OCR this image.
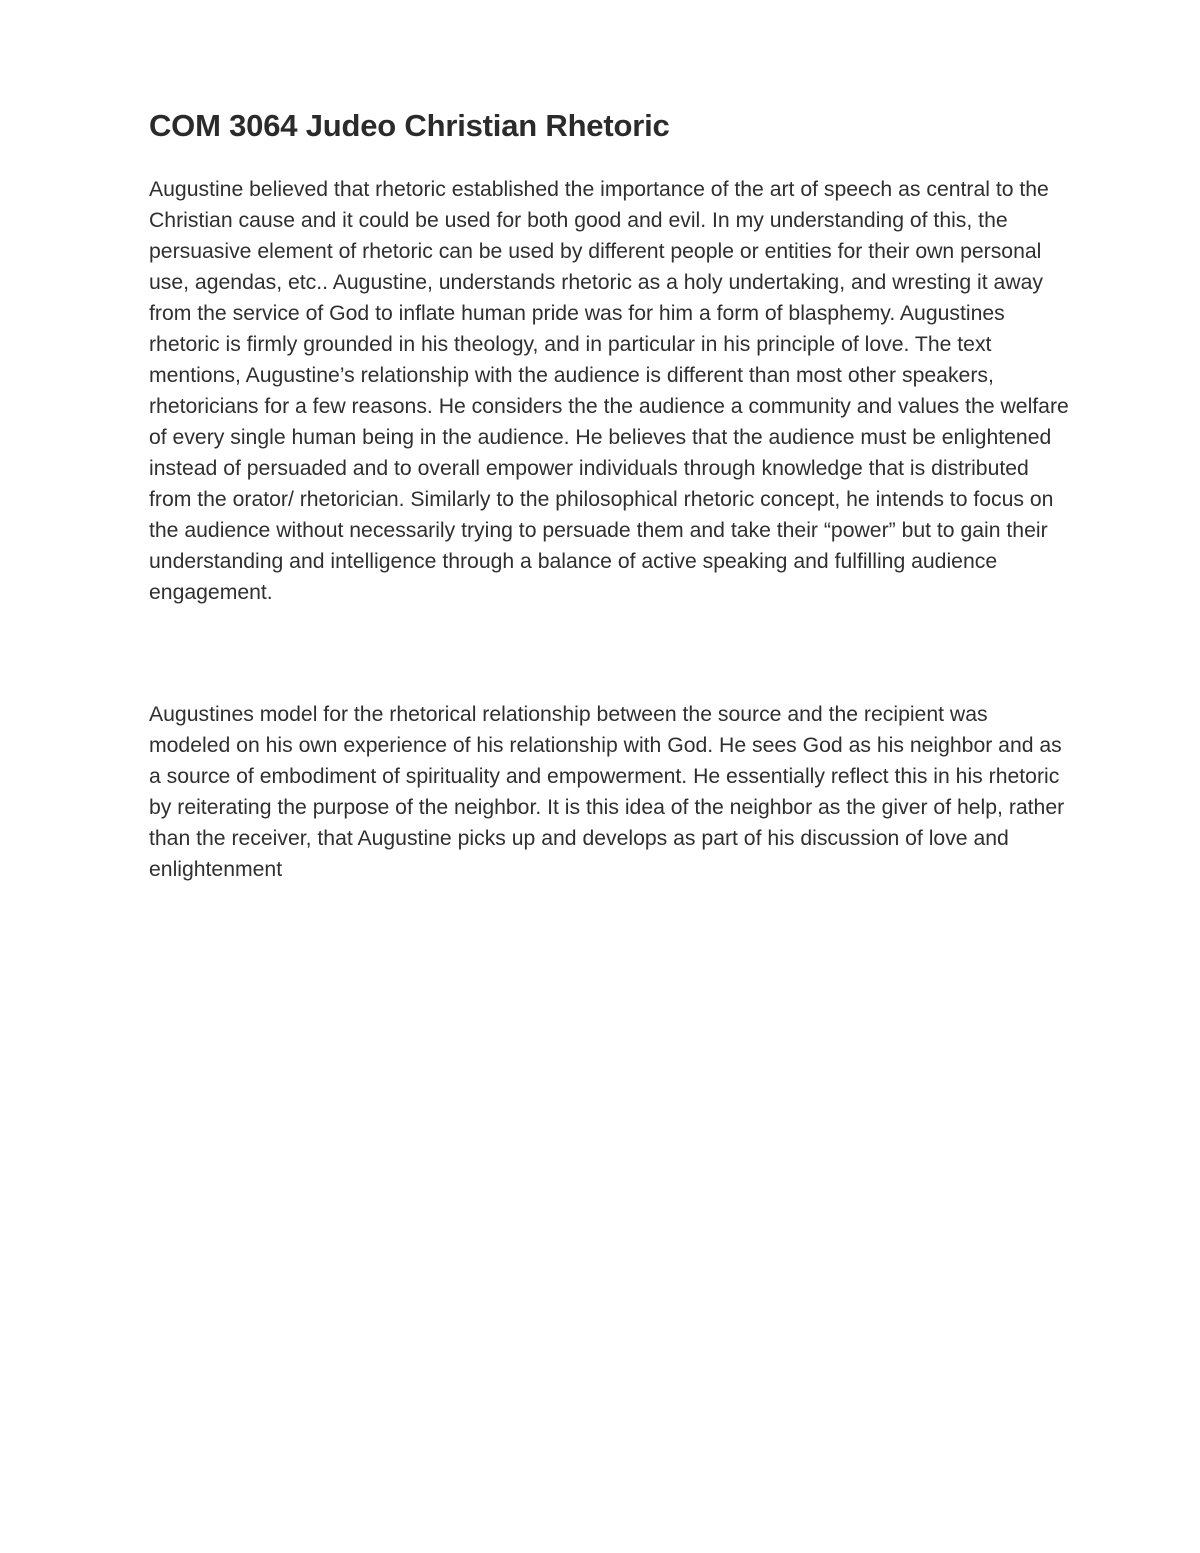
COM 3064 Judeo Christian Rhetoric

Augustine believed that rhetoric established the importance of the art of speech as central to the Christian cause and it could be used for both good and evil. In my understanding of this, the persuasive element of rhetoric can be used by different people or entities for their own personal use, agendas, etc.. Augustine, understands rhetoric as a holy undertaking, and wresting it away from the service of God to inflate human pride was for him a form of blasphemy. Augustines rhetoric is firmly grounded in his theology, and in particular in his principle of love. The text mentions, Augustine’s relationship with the audience is different than most other speakers, rhetoricians for a few reasons. He considers the the audience a community and values the welfare of every single human being in the audience. He believes that the audience must be enlightened instead of persuaded and to overall empower individuals through knowledge that is distributed from the orator/ rhetorician. Similarly to the philosophical rhetoric concept, he intends to focus on the audience without necessarily trying to persuade them and take their “power” but to gain their understanding and intelligence through a balance of active speaking and fulfilling audience engagement.

Augustines model for the rhetorical relationship between the source and the recipient was modeled on his own experience of his relationship with God. He sees God as his neighbor and as a source of embodiment of spirituality and empowerment. He essentially reflect this in his rhetoric by reiterating the purpose of the neighbor. It is this idea of the neighbor as the giver of help, rather than the receiver, that Augustine picks up and develops as part of his discussion of love and enlightenment
